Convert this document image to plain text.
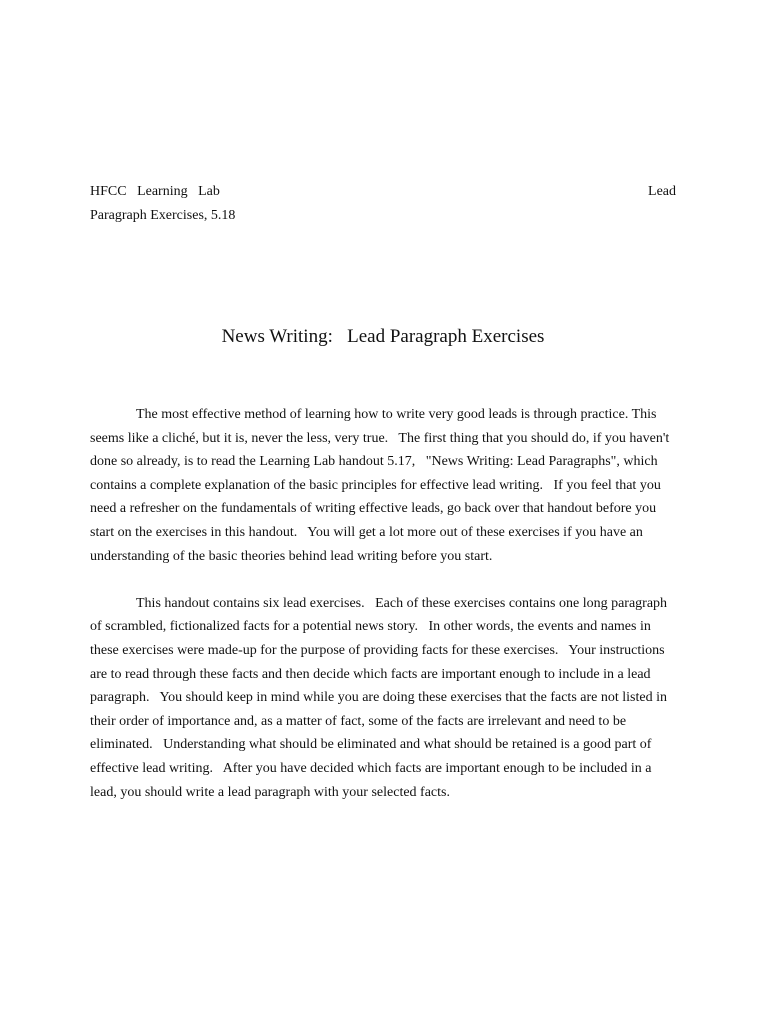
HFCC   Learning   Lab	Lead
Paragraph Exercises, 5.18
News Writing:   Lead Paragraph Exercises

The most effective method of learning how to write very good leads is through practice. This seems like a cliché, but it is, never the less, very true.   The first thing that you should do, if you haven't done so already, is to read the Learning Lab handout 5.17,   "News Writing: Lead Paragraphs", which contains a complete explanation of the basic principles for effective lead writing.   If you feel that you need a refresher on the fundamentals of writing effective leads, go back over that handout before you start on the exercises in this handout.   You will get a lot more out of these exercises if you have an understanding of the basic theories behind lead writing before you start.

This handout contains six lead exercises.   Each of these exercises contains one long paragraph of scrambled, fictionalized facts for a potential news story.   In other words, the events and names in these exercises were made-up for the purpose of providing facts for these exercises.   Your instructions are to read through these facts and then decide which facts are important enough to include in a lead paragraph.   You should keep in mind while you are doing these exercises that the facts are not listed in their order of importance and, as a matter of fact, some of the facts are irrelevant and need to be eliminated.   Understanding what should be eliminated and what should be retained is a good part of effective lead writing.   After you have decided which facts are important enough to be included in a lead, you should write a lead paragraph with your selected facts.
